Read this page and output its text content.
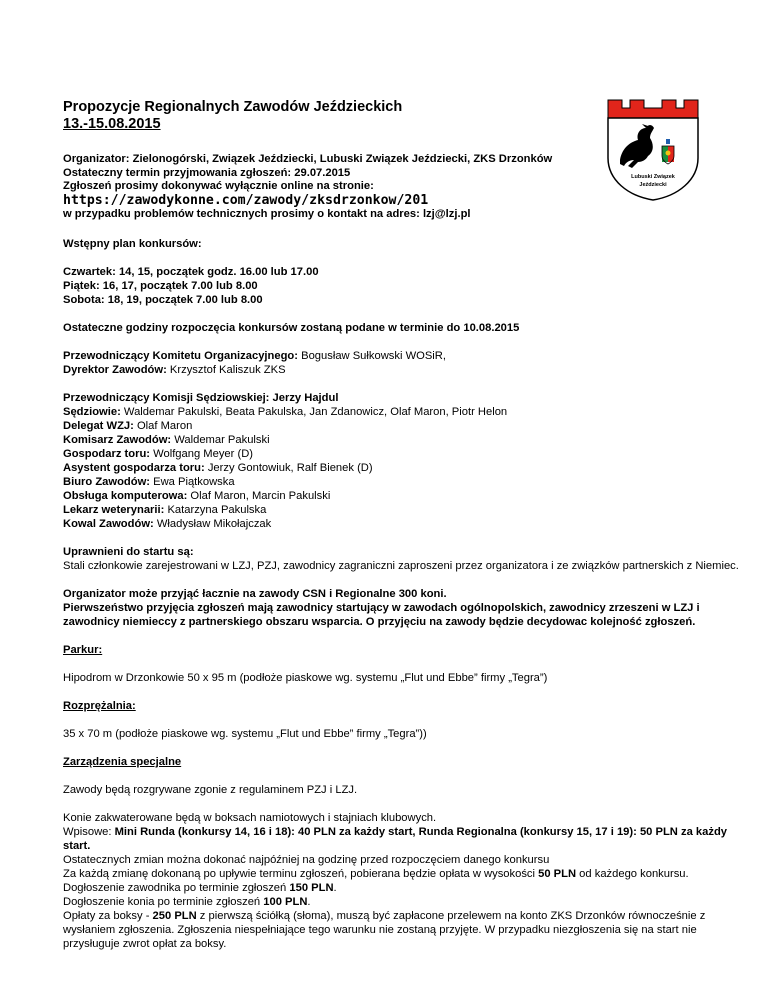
Propozycje Regionalnych Zawodów Jeździeckich
13.-15.08.2015
Lubuski Związek
Jeździecki
Organizator: Zielonogórski, Związek Jeździecki, Lubuski Związek Jeździecki, ZKS Drzonków
Ostateczny termin przyjmowania zgłoszeń: 29.07.2015
Zgłoszeń prosimy dokonywać wyłącznie online na stronie:
https://zawodykonne.com/zawody/zksdrzonkow/201
w przypadku problemów technicznych prosimy o kontakt na adres: lzj@lzj.pl
Wstępny plan konkursów:
Czwartek: 14, 15, początek godz. 16.00 lub 17.00
Piątek: 16, 17, początek 7.00 lub 8.00
Sobota: 18, 19, początek 7.00 lub 8.00
Ostateczne godziny rozpoczęcia konkursów zostaną podane w terminie do 10.08.2015
Przewodniczący Komitetu Organizacyjnego: Bogusław Sułkowski WOSiR,
Dyrektor Zawodów: Krzysztof Kaliszuk ZKS
Przewodniczący Komisji Sędziowskiej: Jerzy Hajdul
Sędziowie: Waldemar Pakulski, Beata Pakulska, Jan Zdanowicz, Olaf Maron, Piotr Helon
Delegat WZJ: Olaf Maron
Komisarz Zawodów: Waldemar Pakulski
Gospodarz toru: Wolfgang Meyer (D)
Asystent gospodarza toru: Jerzy Gontowiuk, Ralf Bienek (D)
Biuro Zawodów: Ewa Piątkowska
Obsługa komputerowa: Olaf Maron, Marcin Pakulski
Lekarz weterynarii: Katarzyna Pakulska
Kowal Zawodów: Władysław Mikołajczak
Uprawnieni do startu są:
Stali członkowie zarejestrowani w LZJ, PZJ, zawodnicy zagraniczni zaproszeni przez organizatora i ze związków partnerskich z Niemiec.
Organizator może przyjąć łacznie na zawody CSN i Regionalne 300 koni.
Pierwszeństwo przyjęcia zgłoszeń mają zawodnicy startujący w zawodach ogólnopolskich, zawodnicy zrzeszeni w LZJ i
zawodnicy niemieccy z partnerskiego obszaru wsparcia. O przyjęciu na zawody będzie decydowac kolejność zgłoszeń.
Parkur:
Hipodrom w Drzonkowie 50 x 95 m (podłoże piaskowe wg. systemu „Flut und Ebbe” firmy „Tegra”)
Rozprężalnia:
35 x 70 m (podłoże piaskowe wg. systemu „Flut und Ebbe” firmy „Tegra”))
Zarządzenia specjalne
Zawody będą rozgrywane zgonie z regulaminem PZJ i LZJ.
Konie zakwaterowane będą w boksach namiotowych i stajniach klubowych.
Wpisowe: Mini Runda (konkursy 14, 16 i 18): 40 PLN za każdy start, Runda Regionalna (konkursy 15, 17 i 19): 50 PLN za każdy
start.
Ostatecznych zmian można dokonać najpóźniej na godzinę przed rozpoczęciem danego konkursu
Za każdą zmianę dokonaną po upływie terminu zgłoszeń, pobierana będzie opłata w wysokości 50 PLN od każdego konkursu.
Dogłoszenie zawodnika po terminie zgłoszeń 150 PLN.
Dogłoszenie konia po terminie zgłoszeń 100 PLN.
Opłaty za boksy - 250 PLN z pierwszą ściółką (słoma), muszą być zapłacone przelewem na konto ZKS Drzonków równocześnie z
wysłaniem zgłoszenia. Zgłoszenia niespełniające tego warunku nie zostaną przyjęte. W przypadku niezgłoszenia się na start nie
przysługuje zwrot opłat za boksy.
